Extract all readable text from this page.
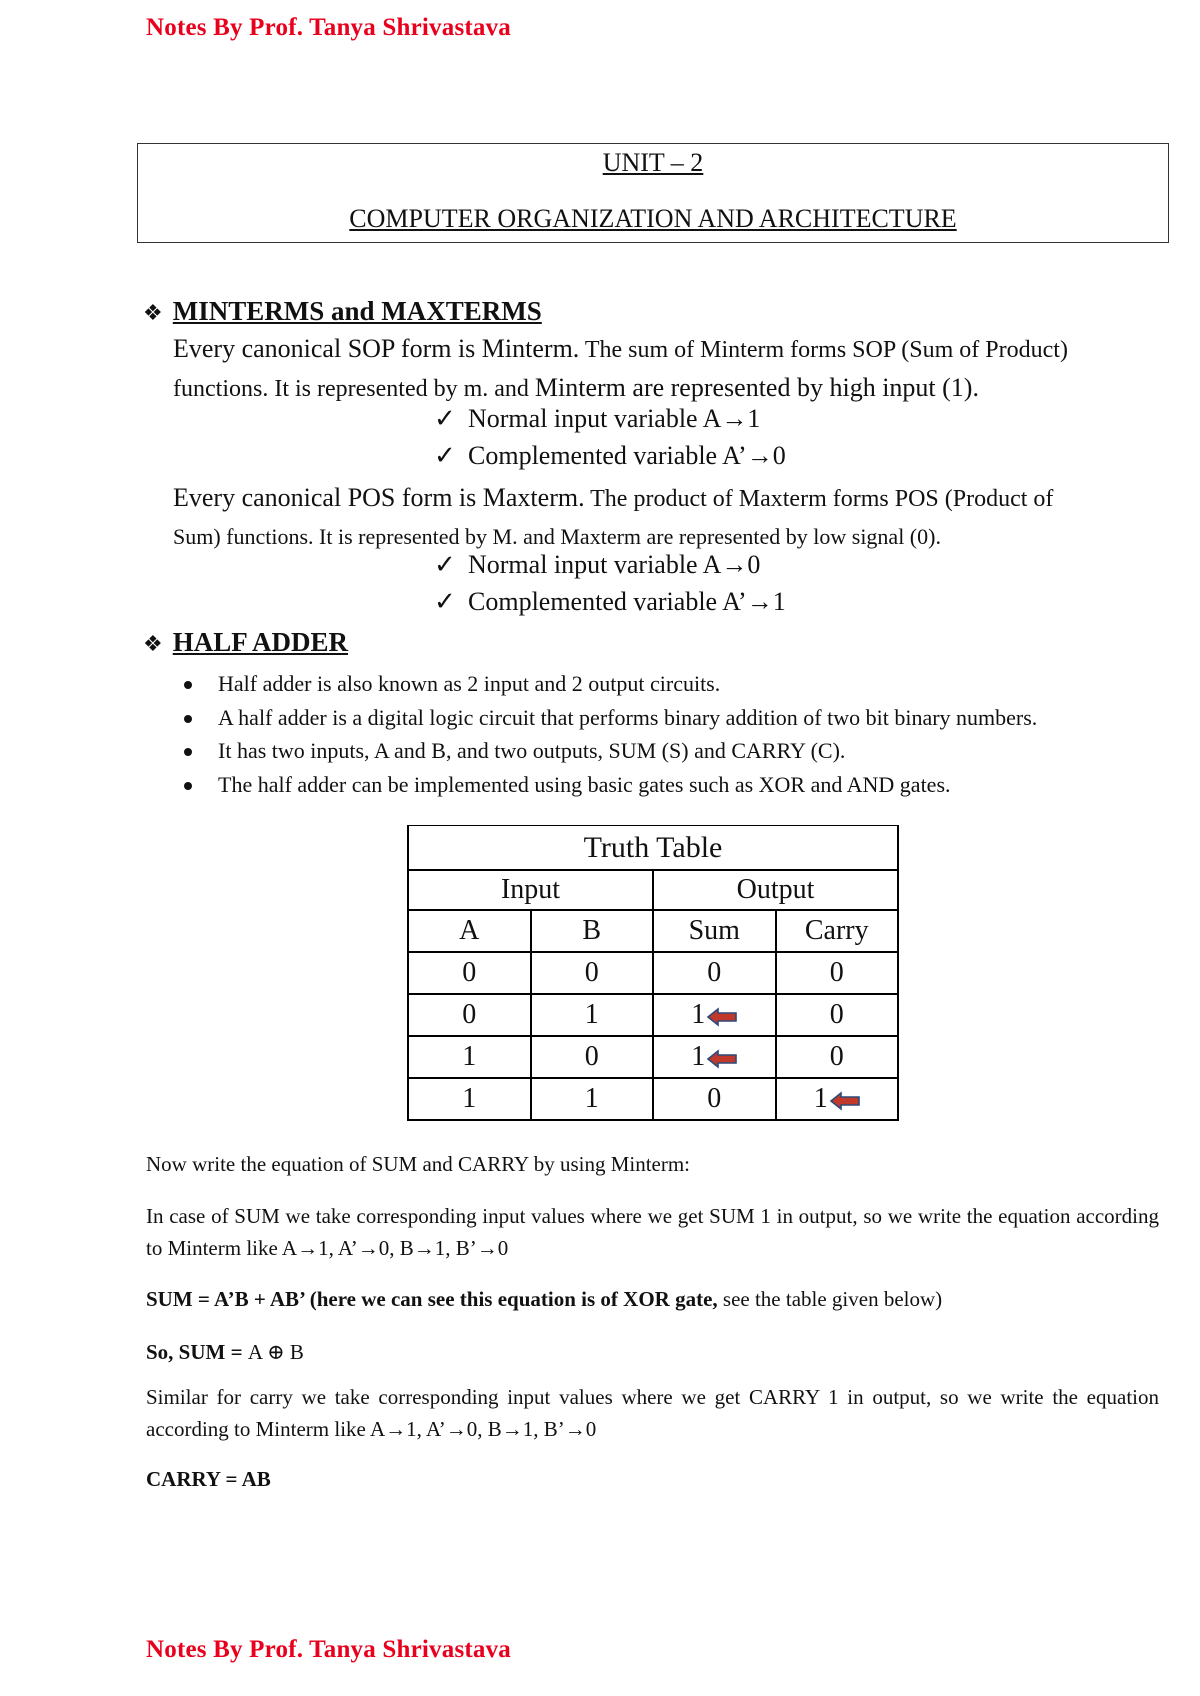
Notes By Prof. Tanya Shrivastava
UNIT – 2
COMPUTER ORGANIZATION AND ARCHITECTURE
❖ MINTERMS and MAXTERMS
Every canonical SOP form is Minterm. The sum of Minterm forms SOP (Sum of Product)
functions. It is represented by m. and Minterm are represented by high input (1).
✓ Normal input variable A→1
✓ Complemented variable A’→0
Every canonical POS form is Maxterm. The product of Maxterm forms POS (Product of
Sum) functions. It is represented by M. and Maxterm are represented by low signal (0).
✓ Normal input variable A→0
✓ Complemented variable A’→1
❖ HALF ADDER
Half adder is also known as 2 input and 2 output circuits.
A half adder is a digital logic circuit that performs binary addition of two bit binary numbers.
It has two inputs, A and B, and two outputs, SUM (S) and CARRY (C).
The half adder can be implemented using basic gates such as XOR and AND gates.
Truth Table			
Input		Output	
A	B	Sum	Carry
0	0	0	0
0	1	1	0
1	0	1	0
1	1	0	1
Now write the equation of SUM and CARRY by using Minterm:
In case of SUM we take corresponding input values where we get SUM 1 in output, so we write the equation according to Minterm like A→1, A’→0, B→1, B’→0
SUM = A’B + AB’ (here we can see this equation is of XOR gate, see the table given below)
So, SUM = A ⊕ B
Similar for carry we take corresponding input values where we get CARRY 1 in output, so we write the equation according to Minterm like A→1, A’→0, B→1, B’→0
CARRY = AB
Notes By Prof. Tanya Shrivastava
